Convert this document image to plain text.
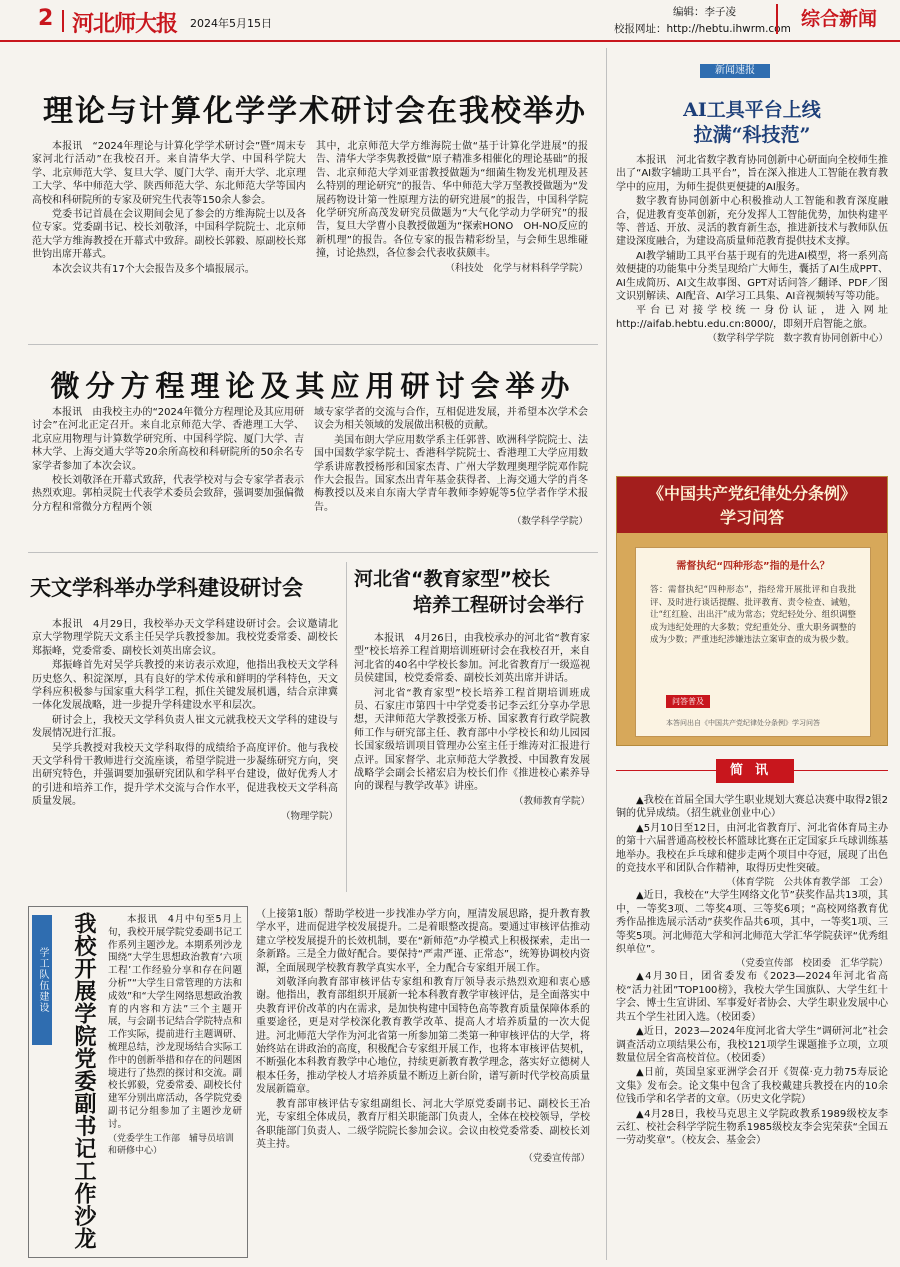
2 河北师大报 2024年5月15日
编辑：李子凌
校报网址：http://hebtu.ihwrm.com 综合新闻
理论与计算化学学术研讨会在我校举办

本报讯　“2024年理论与计算化学学术研讨会”暨“周末专家河北行活动”在我校召开。来自清华大学、中国科学院大学、北京师范大学、复旦大学、厦门大学、南开大学、北京理工大学、华中师范大学、陕西师范大学、东北师范大学等国内高校和科研院所的专家及研究生代表等150余人参会。

党委书记首晨在会议期间会见了参会的方维海院士以及各位专家。党委副书记、校长刘敬泽，中国科学院院士、北京师范大学方维海教授在开幕式中致辞。副校长郭毅、原副校长郑世钧出席开幕式。

本次会议共有17个大会报告及多个墙报展示。

其中，北京师范大学方维海院士做“基于计算化学进展”的报告、清华大学李隽教授做“原子精准多相催化的理论基础”的报告、北京师范大学刘亚雷教授做题为“细菌生物发光机理及甚么特别的理论研究”的报告、华中师范大学万坚教授做题为“发展药物设计第一性原理方法的研究进展”的报告，中国科学院化学研究所高茂发研究员做题为“大气化学动力学研究”的报告，复旦大学曹小良教授做题为“探索HONO　OH-NO反应的新机理”的报告。各位专家的报告精彩纷呈，与会师生思维碰撞，讨论热烈，各位参会代表收获颇丰。

（科技处　化学与材料科学学院）

微分方程理论及其应用研讨会举办

本报讯　由我校主办的“2024年微分方程理论及其应用研讨会”在河北正定召开。来自北京师范大学、香港理工大学、北京应用物理与计算数学研究所、中国科学院、厦门大学、吉林大学、上海交通大学等20余所高校和科研院所的50余名专家学者参加了本次会议。

校长刘敬泽在开幕式致辞，代表学校对与会专家学者表示热烈欢迎。郭柏灵院士代表学术委员会致辞，强调要加强偏微分方程和常微分方程两个领

域专家学者的交流与合作，互相促进发展，并希望本次学术会议会为相关领域的发展做出积极的贡献。

美国布朗大学应用数学系主任郭普、欧洲科学院院士、法国中国数学家学院士、香港科学院院士、香港理工大学应用数学系讲席教授杨彤和国家杰青、广州大学数理奥理学院邓作院作大会报告。国家杰出青年基金获得者、上海交通大学的肖冬梅教授以及来自东南大学青年教师李婷妮等5位学者作学术报告。

（数学科学学院）

天文学科举办学科建设研讨会

本报讯　4月29日，我校举办天文学科建设研讨会。会议邀请北京大学物理学院天文系主任吴学兵教授参加。我校党委常委、副校长郑振峰，党委常委、副校长刘英出席会议。

郑振峰首先对吴学兵教授的来访表示欢迎，他指出我校天文学科历史悠久、积淀深厚，具有良好的学术传承和鲜明的学科特色，天文学科应积极参与国家重大科学工程，抓住关键发展机遇，结合京津冀一体化发展战略，进一步提升学科建设水平和层次。

研讨会上，我校天文学科负责人崔文元就我校天文学科的建设与发展情况进行汇报。

吴学兵教授对我校天文学科取得的成绩给予高度评价。他与我校天文学科骨干教师进行交流座谈，希望学院进一步凝练研究方向，突出研究特色，并强调要加强研究团队和学科平台建设，做好优秀人才的引进和培养工作，提升学术交流与合作水平，促进我校天文学科高质量发展。

（物理学院）

河北省“教育家型”校长
培养工程研讨会举行

本报讯　4月26日，由我校承办的河北省“教育家型”校长培养工程首期培训班研讨会在我校召开，来自河北省的40名中学校长参加。河北省教育厅一级巡视员侯建国，校党委常委、副校长刘英出席并讲话。

河北省“教育家型”校长培养工程首期培训班成员、石家庄市第四十中学党委书记李云红分享办学思想，天津师范大学教授张万桥、国家教育行政学院教师工作与研究部主任、教育部中小学校长和幼儿园园长国家级培训项目管理办公室主任于维涛对汇报进行点评。国家督学、北京师范大学教授、中国教育发展战略学会副会长褚宏启为校长们作《推进校心素养导向的课程与教学改革》讲座。

（教师教育学院）

学工队伍建设	我校开展学院党委副书记工作沙龙	本报讯　4月中旬至5月上旬，我校开展学院党委副书记工作系列主题沙龙。本期系列沙龙围绕“大学生思想政治教育‘六项工程’工作经验分享和存在问题分析”“大学生日常管理的方法和成效”和“大学生网络思想政治教育的内容和方法”三个主题开展，与会副书记结合学院特点和工作实际，提前进行主题调研、梳理总结，沙龙现场结合实际工作中的创新举措和存在的问题困境进行了热烈的探讨和交流。副校长郭毅，党委常委、副校长付建军分别出席活动，各学院党委副书记分组参加了主题沙龙研讨。

（党委学生工作部　辅导员培训和研修中心）

（上接第1版）帮助学校进一步找准办学方向，厘清发展思路，提升教育教学水平，进而促进学校发展提升。二是着眼整改提高。要通过审核评估推动建立学校发展提升的长效机制，要在“新师范”办学模式上积极探索，走出一条新路。三是全力做好配合。要保持“严肃严谨、正常态”，统筹协调校内资源，全面展现学校教育教学真实水平，全力配合专家组开展工作。

刘敬泽向教育部审核评估专家组和教育厅领导表示热烈欢迎和衷心感谢。他指出，教育部组织开展新一轮本科教育教学审核评估，是全面落实中央教育评价改革的内在需求，是加快构建中国特色高等教育质量保障体系的重要途径，更是对学校深化教育教学改革、提高人才培养质量的一次大促进。河北师范大学作为河北省第一所参加第二类第一种审核评估的大学，将始终站在讲政治的高度，积极配合专家组开展工作，也将本审核评估契机，不断强化本科教育教学中心地位，持续更新教育教学理念，落实好立德树人根本任务，推动学校人才培养质量不断迈上新台阶，谱写新时代学校高质量发展新篇章。

教育部审核评估专家组副组长、河北大学原党委副书记、副校长王冶光，专家组全体成员，教育厅相关职能部门负责人，全体在校校领导，学校各职能部门负责人、二级学院院长参加会议。会议由校党委常委、副校长刘英主持。

（党委宣传部）

新闻速报
AI工具平台上线
拉满“科技范”

本报讯　河北省数字教育协同创新中心研面向全校师生推出了“AI数字辅助工具平台”，旨在深入推进人工智能在教育教学中的应用，为师生提供更便捷的AI服务。

数字教育协同创新中心积极推动人工智能和教育深度融合，促进教育变革创新，充分发挥人工智能优势，加快构建平等、普适、开放、灵活的教育新生态，推进新技术与教师队伍建设深度融合，为建设高质量师范教育提供技术支撑。

AI教学辅助工具平台基于现有的先进AI模型，将一系列高效便捷的功能集中分类呈现给广大师生，囊括了AI生成PPT、AI生成简历、AI文生故事图、GPT对话问答／翻译、PDF／图文识别解读、AI配音、AI学习工具集、AI音视频转写等功能。

平台已对接学校统一身份认证，进入网址http://aifab.hebtu.edu.cn:8000/，即刻开启智能之旅。

（数学科学学院　数字教育协同创新中心）

《中国共产党纪律处分条例》
学习问答
需督执纪“四种形态”指的是什么？
答：需督执纪“四种形态”，指经常开展批评和自我批评、及时进行谈话提醒、批评教育、责令检查、诫勉，让“红红脸、出出汗”成为常态；党纪轻处分、组织调整成为违纪处理的大多数；党纪重处分、重大职务调整的成为少数；严重违纪涉嫌违法立案审查的成为极少数。
问答普及
本答问出自《中国共产党纪律处分条例》学习问答
简讯

▲我校在首届全国大学生职业规划大赛总决赛中取得2银2铜的优异成绩。（招生就业创业中心）

▲5月10日至12日，由河北省教育厅、河北省体育局主办的第十六届普通高校校长杯篮球比赛在正定国家乒乓球训练基地举办。我校在乒乓球和健步走两个项目中夺冠，展现了出色的竞技水平和团队合作精神，取得历史性突破。

（体育学院　公共体育教学部　工会）

▲近日，我校在“大学生网络文化节”获奖作品共13项，其中，一等奖3项、二等奖4项、三等奖6项；“高校网络教育优秀作品推选展示活动”获奖作品共6项，其中，一等奖1项、三等奖5项。河北师范大学和河北师范大学汇华学院获评“优秀组织单位”。

（党委宣传部　校团委　汇华学院）

▲4月30日，团省委发布《2023—2024年河北省高校“活力社团”TOP100榜》，我校大学生国旗队、大学生红十字会、博士生宣讲团、军事爱好者协会、大学生职业发展中心共五个学生社团入选。（校团委）

▲近日，2023—2024年度河北省大学生“调研河北”社会调查活动立项结果公布，我校121项学生课题推予立项，立项数量位居全省高校首位。（校团委）

▲日前，英国皇家亚洲学会召开《贺葆·克力勃75寿辰论文集》发布会。论文集中包含了我校戴建兵教授在内的10余位钱币学和名学者的文章。（历史文化学院）

▲4月28日，我校马克思主义学院政教系1989级校友李云红、校社会科学学院生物系1985级校友李会宪荣获“全国五一劳动奖章”。（校友会、基金会）
